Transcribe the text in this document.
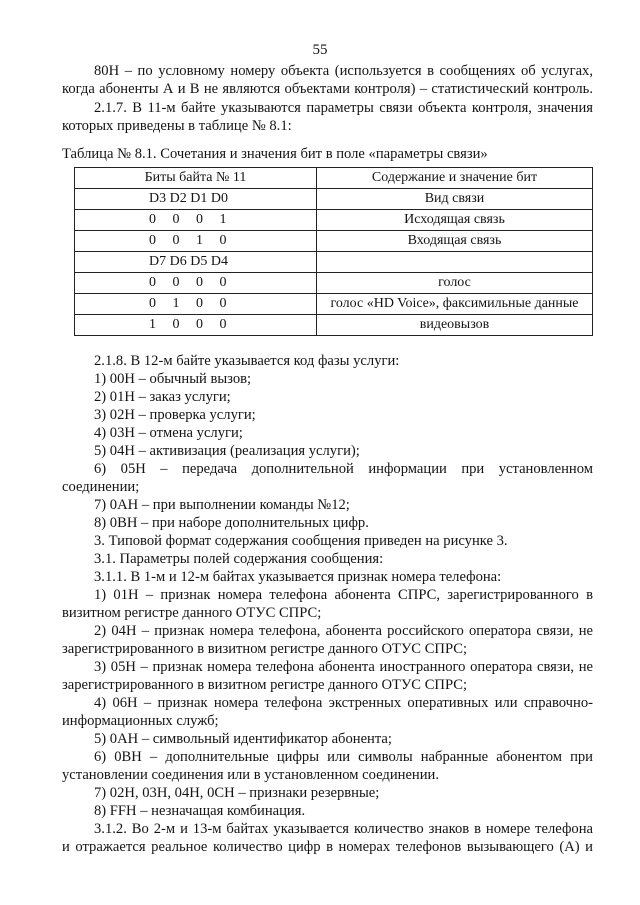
55
80Н – по условному номеру объекта (используется в сообщениях об услугах,
когда абоненты А и В не являются объектами контроля) – статистический контроль.
2.1.7. В 11-м байте указываются параметры связи объекта контроля, значения
которых приведены в таблице № 8.1:
Таблица № 8.1. Сочетания и значения бит в поле «параметры связи»
Биты байта № 11	Содержание и значение бит
D3 D2 D1 D0	Вид связи
0 0 0 1	Исходящая связь
0 0 1 0	Входящая связь
D7 D6 D5 D4	
0 0 0 0	голос
0 1 0 0	голос «HD Voice», факсимильные данные
1 0 0 0	видеовызов
2.1.8. В 12-м байте указывается код фазы услуги:
1) 00H – обычный вызов;
2) 01H – заказ услуги;
3) 02H – проверка услуги;
4) 03H – отмена услуги;
5) 04H – активизация (реализация услуги);
6) 05H – передача дополнительной информации при установленном
соединении;
7) 0AH – при выполнении команды №12;
8) 0BH – при наборе дополнительных цифр.
3. Типовой формат содержания сообщения приведен на рисунке 3.
3.1. Параметры полей содержания сообщения:
3.1.1. В 1-м и 12-м байтах указывается признак номера телефона:
1) 01H – признак номера телефона абонента СПРС, зарегистрированного в
визитном регистре данного ОТУС СПРС;
2) 04H – признак номера телефона, абонента российского оператора связи, не
зарегистрированного в визитном регистре данного ОТУС СПРС;
3) 05H – признак номера телефона абонента иностранного оператора связи, не
зарегистрированного в визитном регистре данного ОТУС СПРС;
4) 06H – признак номера телефона экстренных оперативных или справочно-
информационных служб;
5) 0AH – символьный идентификатор абонента;
6) 0BH – дополнительные цифры или символы набранные абонентом при
установлении соединения или в установленном соединении.
7) 02H, 03H, 04H, 0CH – признаки резервные;
8) FFH – незначащая комбинация.
3.1.2. Во 2-м и 13-м байтах указывается количество знаков в номере телефона
и отражается реальное количество цифр в номерах телефонов вызывающего (А) и
